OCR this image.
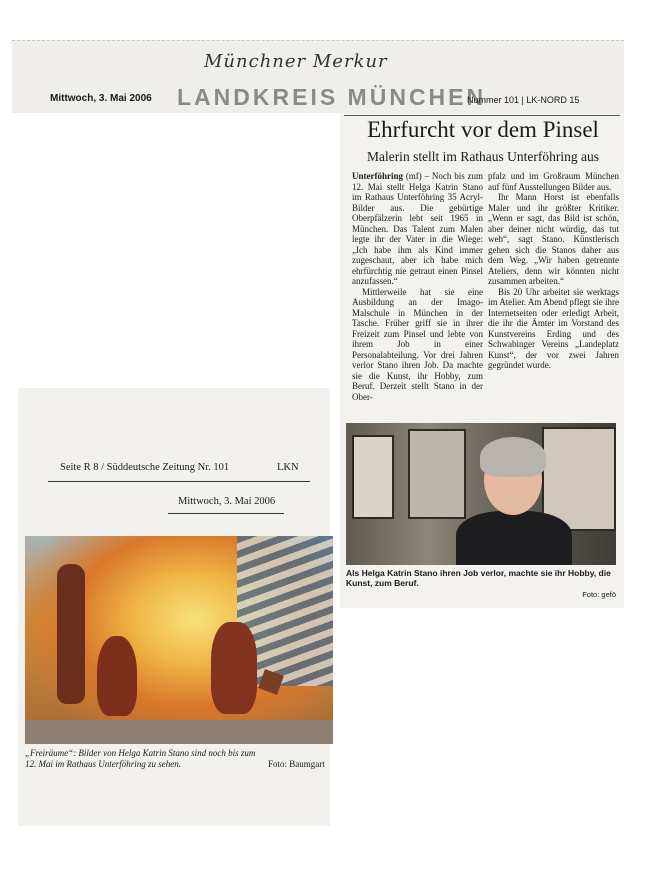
Münchner Merkur
Mittwoch, 3. Mai 2006 LANDKREIS MÜNCHEN
Nummer 101 | LK-NORD 15
Ehrfurcht vor dem Pinsel
Malerin stellt im Rathaus Unterföhring aus

Unterföhring (mf) – Noch bis zum 12. Mai stellt Helga Katrin Stano im Rathaus Unterföhring 35 Acryl-Bilder aus. Die gebürtige Oberpfälzerin lebt seit 1965 in München. Das Talent zum Malen legte ihr der Vater in die Wiege: „Ich habe ihm als Kind immer zugeschaut, aber ich habe mich ehrfürchtig nie getraut einen Pinsel anzufassen.“

Mittlerweile hat sie eine Ausbildung an der Imago-Malschule in München in der Tasche. Früher griff sie in ihrer Freizeit zum Pinsel und lebte von ihrem Job in einer Personalabteilung. Vor drei Jahren verlor Stano ihren Job. Da machte sie die Kunst, ihr Hobby, zum Beruf. Derzeit stellt Stano in der Ober-

pfalz und im Großraum München auf fünf Ausstellungen Bilder aus.

Ihr Mann Horst ist ebenfalls Maler und ihr größter Kritiker. „Wenn er sagt, das Bild ist schön, aber deiner nicht würdig, das tut weh“, sagt Stano. Künstlerisch gehen sich die Stanos daher aus dem Weg. „Wir haben getrennte Ateliers, denn wir könnten nicht zusammen arbeiten.“

Bis 20 Uhr arbeitet sie werktags im Atelier. Am Abend pflegt sie ihre Internetseiten oder erledigt Arbeit, die ihr die Ämter im Vorstand des Kunstvereins Erding und des Schwabinger Vereins „Landeplatz Kunst“, der vor zwei Jahren gegründet wurde.

Als Helga Katrin Stano ihren Job verlor, machte sie ihr Hobby, die Kunst, zum Beruf.
Foto: gefö
Seite R 8 / Süddeutsche Zeitung Nr. 101	LKN
Mittwoch, 3. Mai 2006
„Freiräume“: Bilder von Helga Katrin Stano sind noch bis zum 12. Mai im Rathaus Unterföhring zu sehen.	Foto: Baumgart
